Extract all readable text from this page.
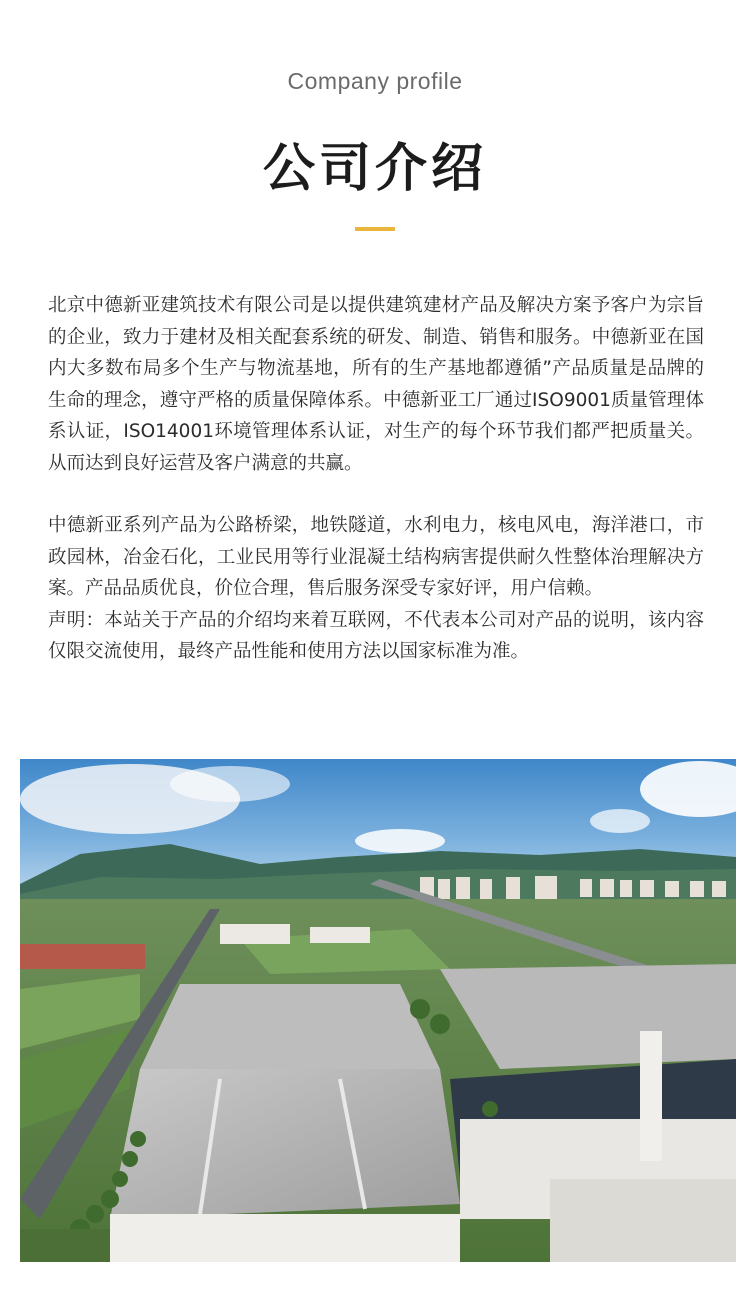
Company profile
公司介绍

北京中德新亚建筑技术有限公司是以提供建筑建材产品及解决方案予客户为宗旨的企业，致力于建材及相关配套系统的研发、制造、销售和服务。中德新亚在国内大多数布局多个生产与物流基地，所有的生产基地都遵循”产品质量是品牌的生命的理念，遵守严格的质量保障体系。中德新亚工厂通过ISO9001质量管理体系认证，ISO14001环境管理体系认证，对生产的每个环节我们都严把质量关。从而达到良好运营及客户满意的共赢。

中德新亚系列产品为公路桥梁，地铁隧道，水利电力，核电风电，海洋港口，市政园林，冶金石化，工业民用等行业混凝土结构病害提供耐久性整体治理解决方案。产品品质优良，价位合理，售后服务深受专家好评，用户信赖。

声明：本站关于产品的介绍均来着互联网，不代表本公司对产品的说明，该内容仅限交流使用，最终产品性能和使用方法以国家标准为准。
